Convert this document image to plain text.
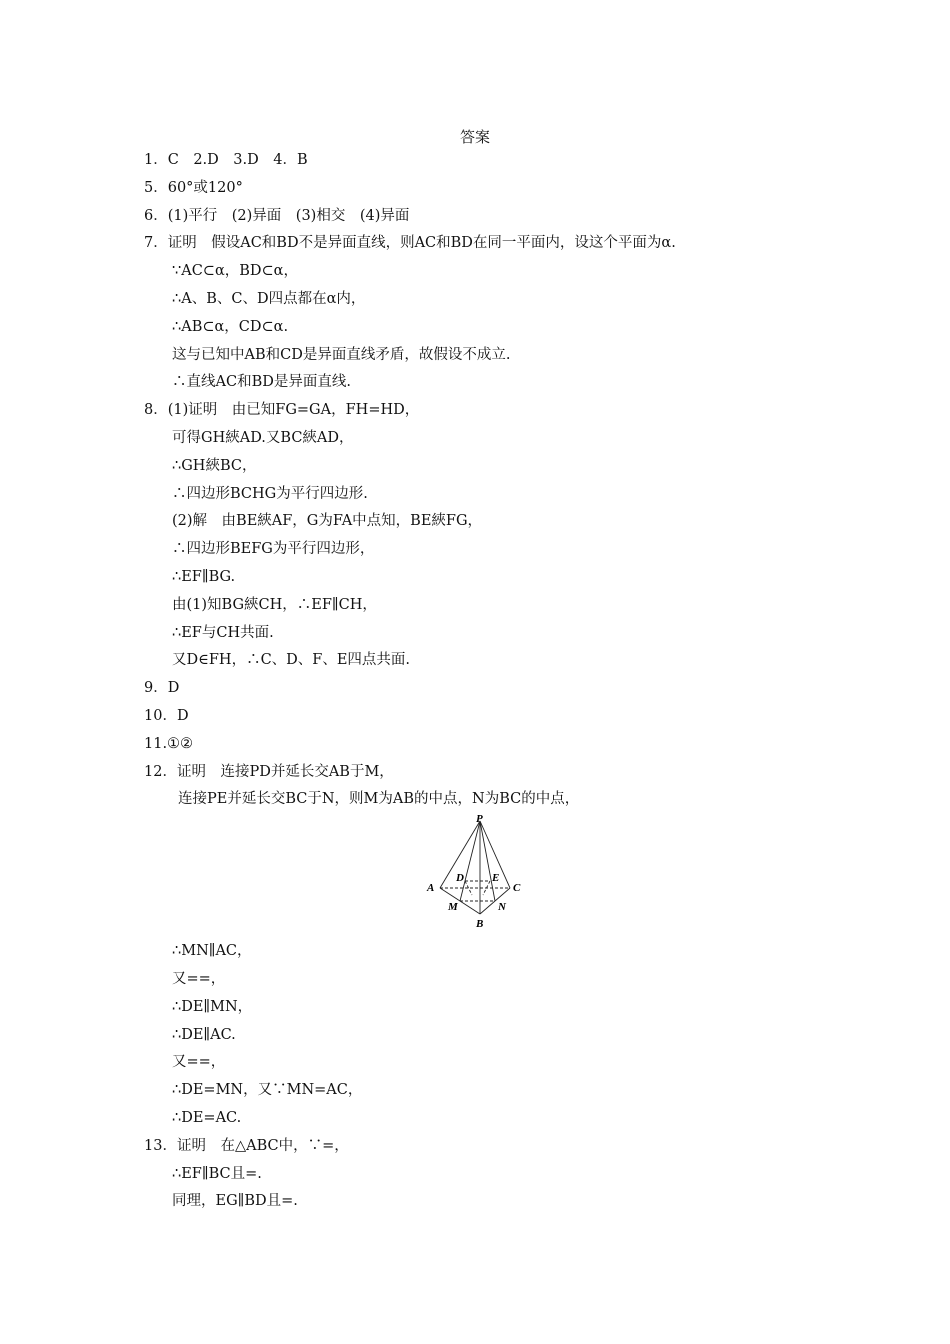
答案
1．C　2.D　3.D　4．B
5．60°或120°
6．(1)平行　(2)异面　(3)相交　(4)异面
7．证明　假设AC和BD不是异面直线，则AC和BD在同一平面内，设这个平面为α.
∵AC⊂α，BD⊂α，
∴A、B、C、D四点都在α内，
∴AB⊂α，CD⊂α.
这与已知中AB和CD是异面直线矛盾，故假设不成立.
∴直线AC和BD是异面直线.
8．(1)证明　由已知FG=GA，FH=HD，
可得GH綊AD.又BC綊AD，
∴GH綊BC，
∴四边形BCHG为平行四边形.
(2)解　由BE綊AF，G为FA中点知，BE綊FG，
∴四边形BEFG为平行四边形，
∴EF∥BG.
由(1)知BG綊CH，∴EF∥CH，
∴EF与CH共面.
又D∈FH，∴C、D、F、E四点共面.
9．D
10．D
11.①②
12．证明　连接PD并延长交AB于M，
连接PE并延长交BC于N，则M为AB的中点，N为BC的中点，
P
A	C
B
D	E
M	N
∴MN∥AC，
又==，
∴DE∥MN，
∴DE∥AC.
又==，
∴DE=MN，又∵MN=AC，
∴DE=AC.
13．证明　在△ABC中，∵=，
∴EF∥BC且=.
同理，EG∥BD且=.
